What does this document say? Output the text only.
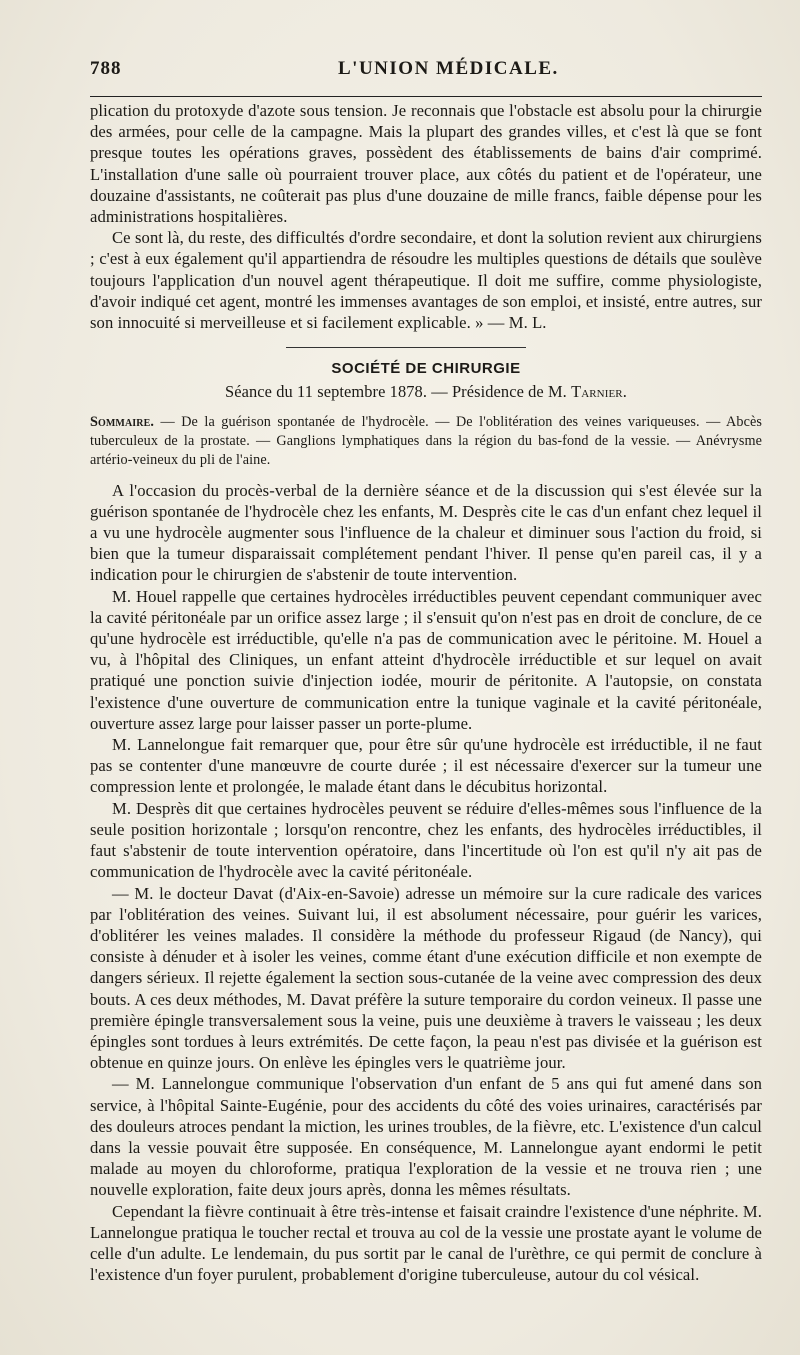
788	L'UNION MÉDICALE.

plication du protoxyde d'azote sous tension. Je reconnais que l'obstacle est absolu pour la chirurgie des armées, pour celle de la campagne. Mais la plupart des grandes villes, et c'est là que se font presque toutes les opérations graves, possèdent des établissements de bains d'air comprimé. L'installation d'une salle où pourraient trouver place, aux côtés du patient et de l'opérateur, une douzaine d'assistants, ne coûterait pas plus d'une douzaine de mille francs, faible dépense pour les administrations hospitalières.

Ce sont là, du reste, des difficultés d'ordre secondaire, et dont la solution revient aux chirurgiens ; c'est à eux également qu'il appartiendra de résoudre les multiples questions de détails que soulève toujours l'application d'un nouvel agent thérapeutique. Il doit me suffire, comme physiologiste, d'avoir indiqué cet agent, montré les immenses avantages de son emploi, et insisté, entre autres, sur son innocuité si merveilleuse et si facilement explicable. » — M. L.

SOCIÉTÉ DE CHIRURGIE
Séance du 11 septembre 1878. — Présidence de M. Tarnier.
Sommaire. — De la guérison spontanée de l'hydrocèle. — De l'oblitération des veines variqueuses. — Abcès tuberculeux de la prostate. — Ganglions lymphatiques dans la région du bas-fond de la vessie. — Anévrysme artério-veineux du pli de l'aine.

A l'occasion du procès-verbal de la dernière séance et de la discussion qui s'est élevée sur la guérison spontanée de l'hydrocèle chez les enfants, M. Desprès cite le cas d'un enfant chez lequel il a vu une hydrocèle augmenter sous l'influence de la chaleur et diminuer sous l'action du froid, si bien que la tumeur disparaissait complétement pendant l'hiver. Il pense qu'en pareil cas, il y a indication pour le chirurgien de s'abstenir de toute intervention.

M. Houel rappelle que certaines hydrocèles irréductibles peuvent cependant communiquer avec la cavité péritonéale par un orifice assez large ; il s'ensuit qu'on n'est pas en droit de conclure, de ce qu'une hydrocèle est irréductible, qu'elle n'a pas de communication avec le péritoine. M. Houel a vu, à l'hôpital des Cliniques, un enfant atteint d'hydrocèle irréductible et sur lequel on avait pratiqué une ponction suivie d'injection iodée, mourir de péritonite. A l'autopsie, on constata l'existence d'une ouverture de communication entre la tunique vaginale et la cavité péritonéale, ouverture assez large pour laisser passer un porte-plume.

M. Lannelongue fait remarquer que, pour être sûr qu'une hydrocèle est irréductible, il ne faut pas se contenter d'une manœuvre de courte durée ; il est nécessaire d'exercer sur la tumeur une compression lente et prolongée, le malade étant dans le décubitus horizontal.

M. Desprès dit que certaines hydrocèles peuvent se réduire d'elles-mêmes sous l'influence de la seule position horizontale ; lorsqu'on rencontre, chez les enfants, des hydrocèles irréductibles, il faut s'abstenir de toute intervention opératoire, dans l'incertitude où l'on est qu'il n'y ait pas de communication de l'hydrocèle avec la cavité péritonéale.

— M. le docteur Davat (d'Aix-en-Savoie) adresse un mémoire sur la cure radicale des varices par l'oblitération des veines. Suivant lui, il est absolument nécessaire, pour guérir les varices, d'oblitérer les veines malades. Il considère la méthode du professeur Rigaud (de Nancy), qui consiste à dénuder et à isoler les veines, comme étant d'une exécution difficile et non exempte de dangers sérieux. Il rejette également la section sous-cutanée de la veine avec compression des deux bouts. A ces deux méthodes, M. Davat préfère la suture temporaire du cordon veineux. Il passe une première épingle transversalement sous la veine, puis une deuxième à travers le vaisseau ; les deux épingles sont tordues à leurs extrémités. De cette façon, la peau n'est pas divisée et la guérison est obtenue en quinze jours. On enlève les épingles vers le quatrième jour.

— M. Lannelongue communique l'observation d'un enfant de 5 ans qui fut amené dans son service, à l'hôpital Sainte-Eugénie, pour des accidents du côté des voies urinaires, caractérisés par des douleurs atroces pendant la miction, les urines troubles, de la fièvre, etc. L'existence d'un calcul dans la vessie pouvait être supposée. En conséquence, M. Lannelongue ayant endormi le petit malade au moyen du chloroforme, pratiqua l'exploration de la vessie et ne trouva rien ; une nouvelle exploration, faite deux jours après, donna les mêmes résultats.

Cependant la fièvre continuait à être très-intense et faisait craindre l'existence d'une néphrite. M. Lannelongue pratiqua le toucher rectal et trouva au col de la vessie une prostate ayant le volume de celle d'un adulte. Le lendemain, du pus sortit par le canal de l'urèthre, ce qui permit de conclure à l'existence d'un foyer purulent, probablement d'origine tuberculeuse, autour du col vésical.
